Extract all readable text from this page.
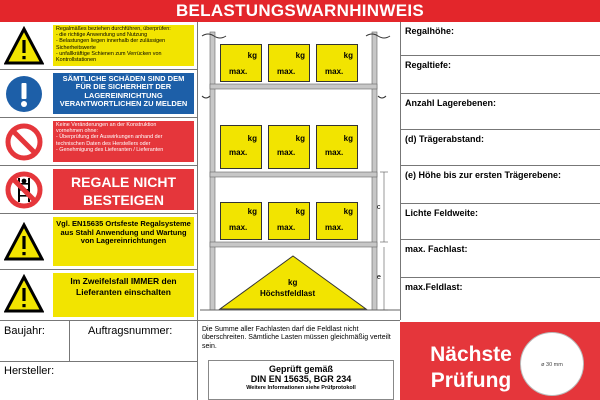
BELASTUNGSWARNHINWEIS
Regalmäßes beziehen durchführen, überprüfen:
- die richtige Anwendung und Nutzung
- Belastungen liegen innerhalb der zulässigen
Sicherheitswerte
- unfallkräftige Schienen zum Verrücken von
Kontrollstationen
SÄMTLICHE SCHÄDEN SIND DEM FÜR DIE SICHERHEIT DER LAGEREINRICHTUNG VERANTWORTLICHEN ZU MELDEN
Keine Veränderungen an der Konstruktion
vornehmen ohne:
- Überprüfung der Auswirkungen anhand der
technischen Daten des Herstellers oder
- Genehmigung des Lieferanten / Lieferanten
REGALE NICHT BESTEIGEN
Vgl. EN15635 Ortsfeste Regalsysteme aus Stahl Anwendung und Wartung von Lagereinrichtungen
Im Zweifelsfall IMMER den Lieferanten einschalten
kg
max.
kg
max.
kg
max.
kg
max.
kg
max.
kg
max.
kg
max.
kg
max.
kg
max.
kg
Höchstfeldlast
c
e
Regalhöhe:
Regaltiefe:
Anzahl Lagerebenen:
(d) Trägerabstand:
(e) Höhe bis zur ersten Trägerebene:
Lichte Feldweite:
max. Fachlast:
max.Feldlast:
Baujahr:	Auftragsnummer:
Hersteller:
Die Summe aller Fachlasten darf die Feldlast nicht überschreiten. Sämtliche Lasten müssen gleichmäßig verteilt sein.
Geprüft gemäß
DIN EN 15635, BGR 234
Weitere Informationen siehe Prüfprotokoll
Nächste Prüfung
ø 30 mm
